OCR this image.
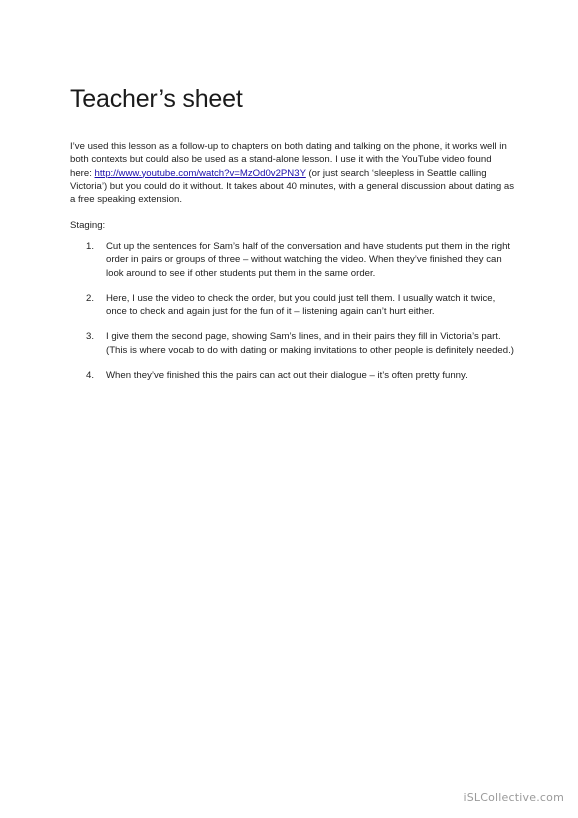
Teacher’s sheet

I’ve used this lesson as a follow-up to chapters on both dating and talking on the phone, it works well in both contexts but could also be used as a stand-alone lesson. I use it with the YouTube video found here: http://www.youtube.com/watch?v=MzOd0v2PN3Y (or just search ‘sleepless in Seattle calling Victoria’) but you could do it without. It takes about 40 minutes, with a general discussion about dating as a free speaking extension.

Staging:

1.	Cut up the sentences for Sam’s half of the conversation and have students put them in the right order in pairs or groups of three – without watching the video. When they’ve finished they can look around to see if other students put them in the same order.
2.	Here, I use the video to check the order, but you could just tell them. I usually watch it twice, once to check and again just for the fun of it – listening again can’t hurt either.
3.	I give them the second page, showing Sam’s lines, and in their pairs they fill in Victoria’s part. (This is where vocab to do with dating or making invitations to other people is definitely needed.)
4.	When they’ve finished this the pairs can act out their dialogue – it’s often pretty funny.
iSLCollective.com
